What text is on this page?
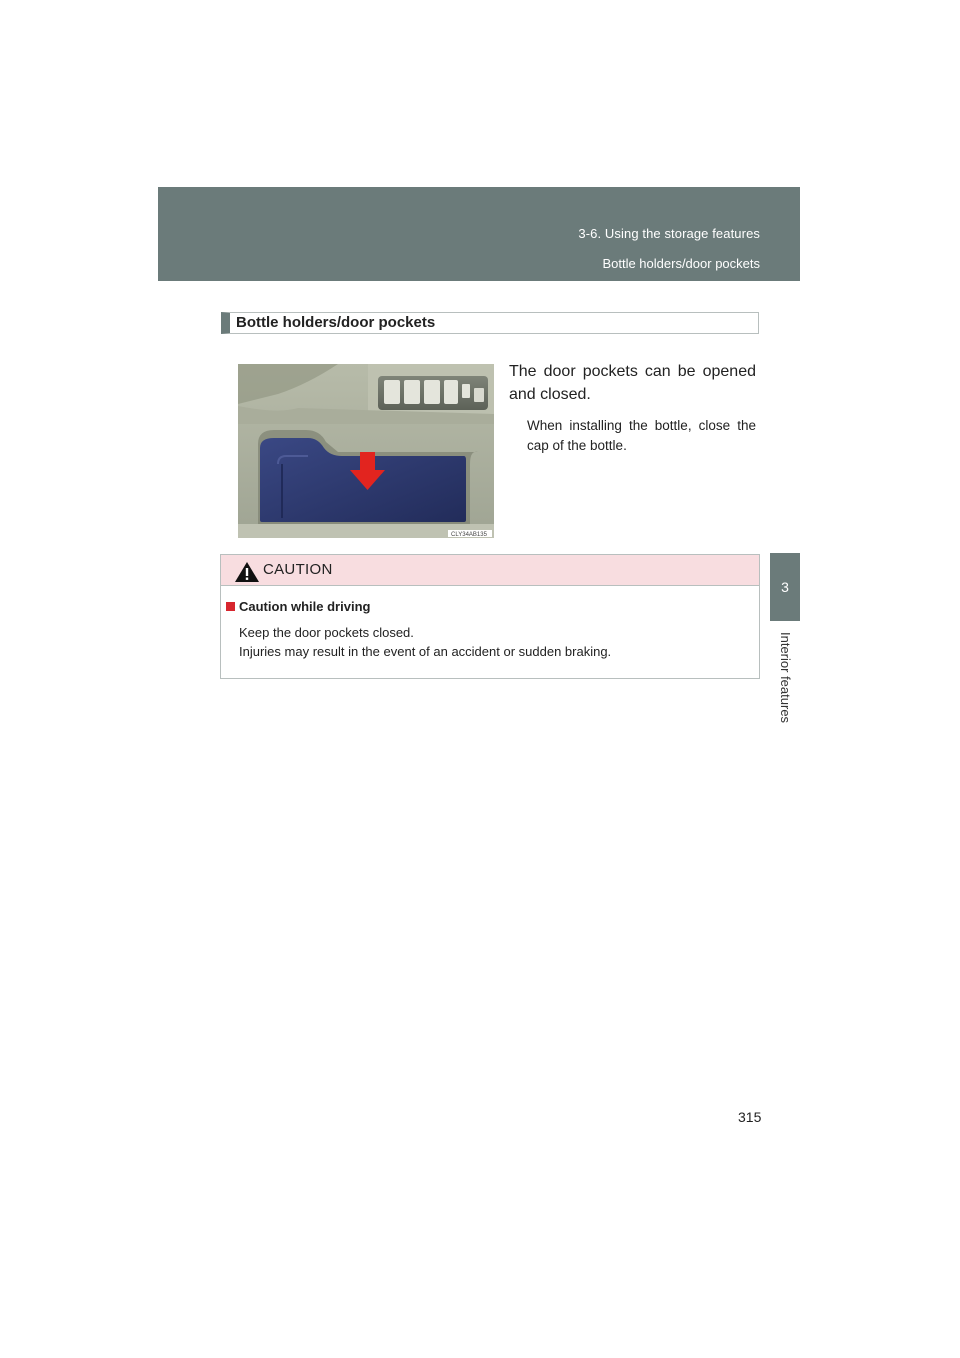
3-6. Using the storage features
Bottle holders/door pockets
3
Interior features
Bottle holders/door pockets
CLY34AB135
The door pockets can be opened and closed.
When installing the bottle, close the cap of the bottle.
CAUTION
Caution while driving
Keep the door pockets closed.
Injuries may result in the event of an accident or sudden braking.
315
